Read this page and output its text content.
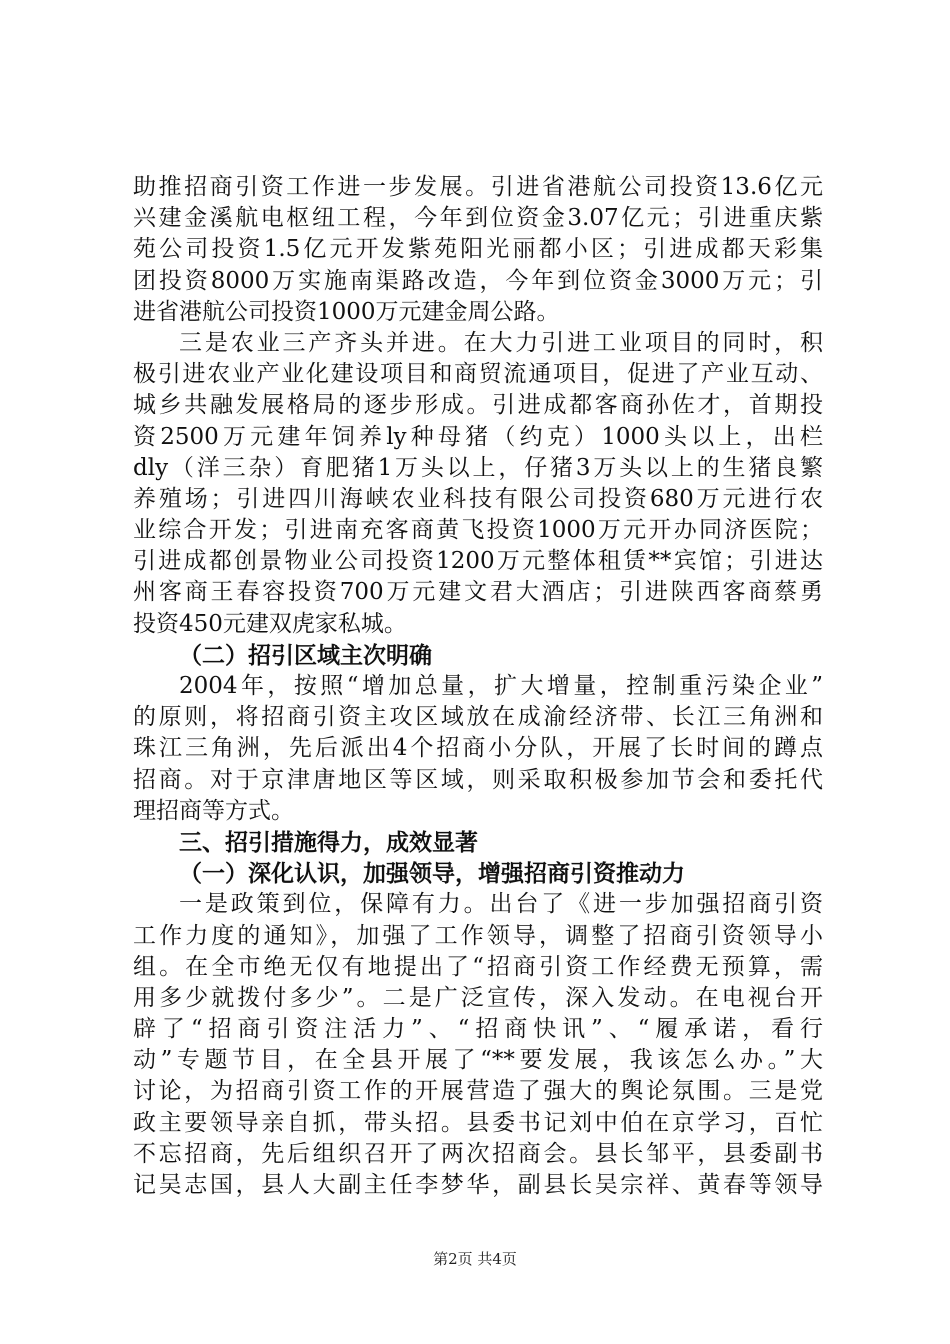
助推招商引资工作进一步发展。引进省港航公司投资13.6亿元
兴建金溪航电枢纽工程，今年到位资金3.07亿元；引进重庆紫
苑公司投资1.5亿元开发紫苑阳光丽都小区；引进成都天彩集
团投资8000万实施南渠路改造，今年到位资金3000万元；引
进省港航公司投资1000万元建金周公路。
三是农业三产齐头并进。在大力引进工业项目的同时，积
极引进农业产业化建设项目和商贸流通项目，促进了产业互动、
城乡共融发展格局的逐步形成。引进成都客商孙佐才，首期投
资2500万元建年饲养ly种母猪（约克）1000头以上，出栏
dly（洋三杂）育肥猪1万头以上，仔猪3万头以上的生猪良繁
养殖场；引进四川海峡农业科技有限公司投资680万元进行农
业综合开发；引进南充客商黄飞投资1000万元开办同济医院；
引进成都创景物业公司投资1200万元整体租赁**宾馆；引进达
州客商王春容投资700万元建文君大酒店；引进陕西客商蔡勇
投资450元建双虎家私城。
（二）招引区域主次明确
2004年，按照“增加总量，扩大增量，控制重污染企业”
的原则，将招商引资主攻区域放在成渝经济带、长江三角洲和
珠江三角洲，先后派出4个招商小分队，开展了长时间的蹲点
招商。对于京津唐地区等区域，则采取积极参加节会和委托代
理招商等方式。
三、招引措施得力，成效显著
（一）深化认识，加强领导，增强招商引资推动力
一是政策到位，保障有力。出台了《进一步加强招商引资
工作力度的通知》，加强了工作领导，调整了招商引资领导小
组。在全市绝无仅有地提出了“招商引资工作经费无预算，需
用多少就拨付多少”。二是广泛宣传，深入发动。在电视台开
辟了“招商引资注活力”、“招商快讯”、“履承诺，看行
动”专题节目，在全县开展了“**要发展，我该怎么办。”大
讨论，为招商引资工作的开展营造了强大的舆论氛围。三是党
政主要领导亲自抓，带头招。县委书记刘中伯在京学习，百忙
不忘招商，先后组织召开了两次招商会。县长邹平，县委副书
记吴志国，县人大副主任李梦华，副县长吴宗祥、黄春等领导
第2页 共4页
